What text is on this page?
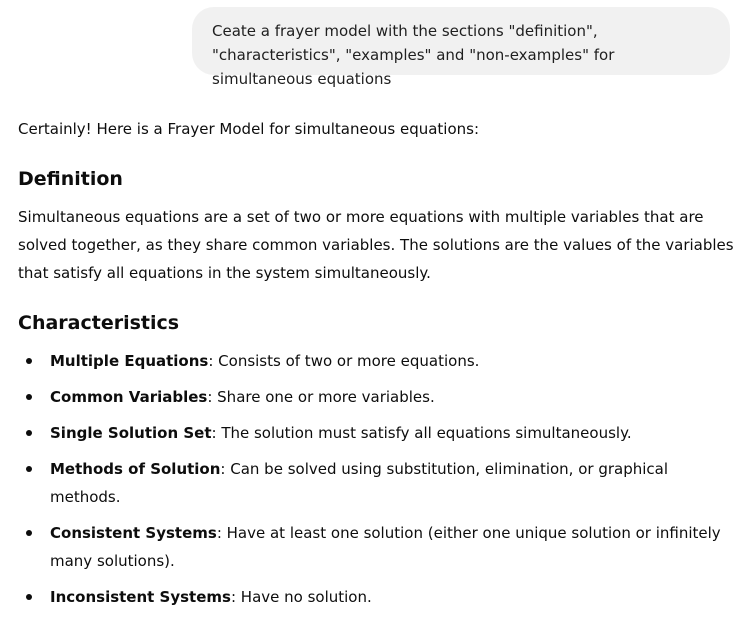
Ceate a frayer model with the sections "definition", "characteristics", "examples" and "non-examples" for simultaneous equations
Certainly! Here is a Frayer Model for simultaneous equations:
Definition
Simultaneous equations are a set of two or more equations with multiple variables that are solved together, as they share common variables. The solutions are the values of the variables that satisfy all equations in the system simultaneously.
Characteristics
Multiple Equations: Consists of two or more equations.
Common Variables: Share one or more variables.
Single Solution Set: The solution must satisfy all equations simultaneously.
Methods of Solution: Can be solved using substitution, elimination, or graphical methods.
Consistent Systems: Have at least one solution (either one unique solution or infinitely many solutions).
Inconsistent Systems: Have no solution.
